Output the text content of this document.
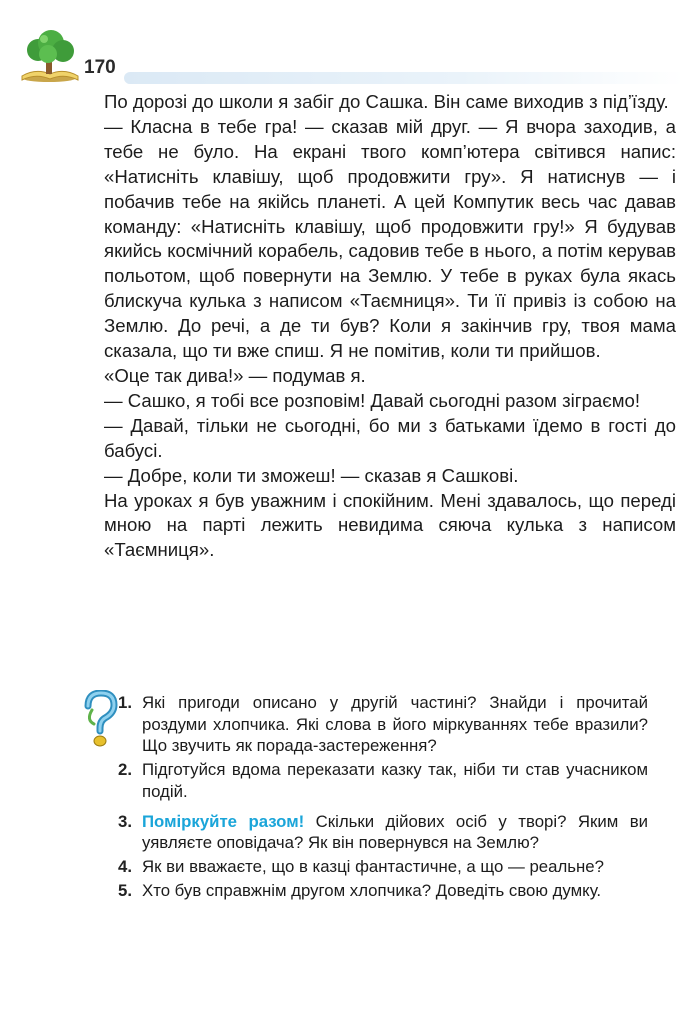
170

По дорозі до школи я забіг до Сашка. Він саме виходив з під’їзду.

— Класна в тебе гра! — сказав мій друг. — Я вчора заходив, а тебе не було. На екрані твого комп’ютера світився напис: «Натисніть клавішу, щоб продовжити гру». Я натиснув — і побачив тебе на якійсь планеті. А цей Компутик весь час давав команду: «Натисніть клавішу, щоб продовжити гру!» Я будував якийсь космічний корабель, садовив тебе в нього, а потім керував польотом, щоб повернути на Землю. У тебе в руках була якась блискуча кулька з написом «Таємниця». Ти її привіз із собою на Землю. До речі, а де ти був? Коли я закінчив гру, твоя мама сказала, що ти вже спиш. Я не помітив, коли ти прийшов.

«Оце так дива!» — подумав я.

— Сашко, я тобі все розповім! Давай сьогодні разом зіграємо!

— Давай, тільки не сьогодні, бо ми з батьками їдемо в гості до бабусі.

— Добре, коли ти зможеш! — сказав я Сашкові.

На уроках я був уважним і спокійним. Мені здавалось, що переді мною на парті лежить невидима сяюча кулька з написом «Таємниця».

1. Які пригоди описано у другій частині? Знайди і прочитай роздуми хлопчика. Які слова в його міркуваннях тебе вразили? Що звучить як порада-застереження?
2. Підготуйся вдома переказати казку так, ніби ти став учасником подій.
3. Поміркуйте разом! Скільки дійових осіб у творі? Яким ви уявляєте оповідача? Як він повернувся на Землю?
4. Як ви вважаєте, що в казці фантастичне, а що — реальне?
5. Хто був справжнім другом хлопчика? Доведіть свою думку.
